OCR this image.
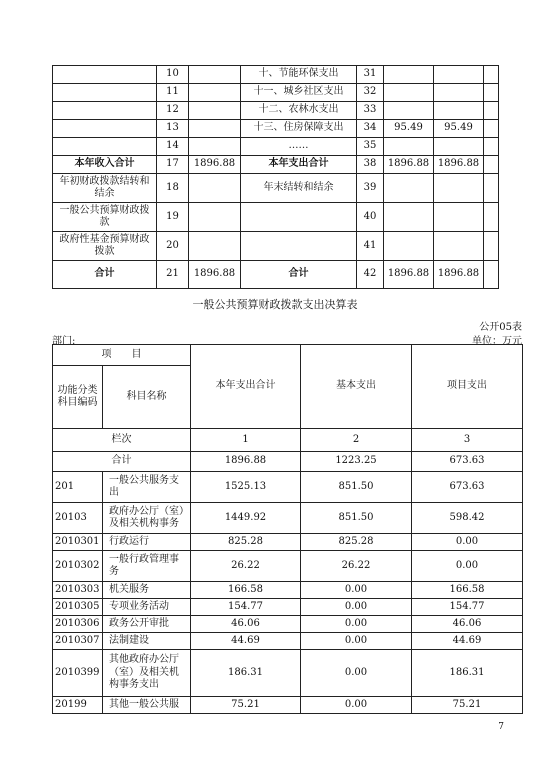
	10		十、节能环保支出	31			
	11		十一、城乡社区支出	32			
	12		十二、农林水支出	33			
	13		十三、住房保障支出	34	95.49	95.49	
	14		……	35			
本年收入合计	17	1896.88	本年支出合计	38	1896.88	1896.88	
年初财政拨款结转和结余	18		年末结转和结余	39			
一般公共预算财政拨款	19			40			
政府性基金预算财政拨款	20			41			
合计	21	1896.88	合计	42	1896.88	1896.88	
一般公共预算财政拨款支出决算表
公开05表
部门:	单位：万元
项　　目		本年支出合计	基本支出	项目支出
功能分类科目编码	科目名称			
栏次		1	2	3
合计		1896.88	1223.25	673.63
201	一般公共服务支出	1525.13	851.50	673.63
20103	政府办公厅（室）及相关机构事务	1449.92	851.50	598.42
2010301	行政运行	825.28	825.28	0.00
2010302	一般行政管理事务	26.22	26.22	0.00
2010303	机关服务	166.58	0.00	166.58
2010305	专项业务活动	154.77	0.00	154.77
2010306	政务公开审批	46.06	0.00	46.06
2010307	法制建设	44.69	0.00	44.69
2010399	其他政府办公厅（室）及相关机构事务支出	186.31	0.00	186.31
20199	其他一般公共服	75.21	0.00	75.21
7
